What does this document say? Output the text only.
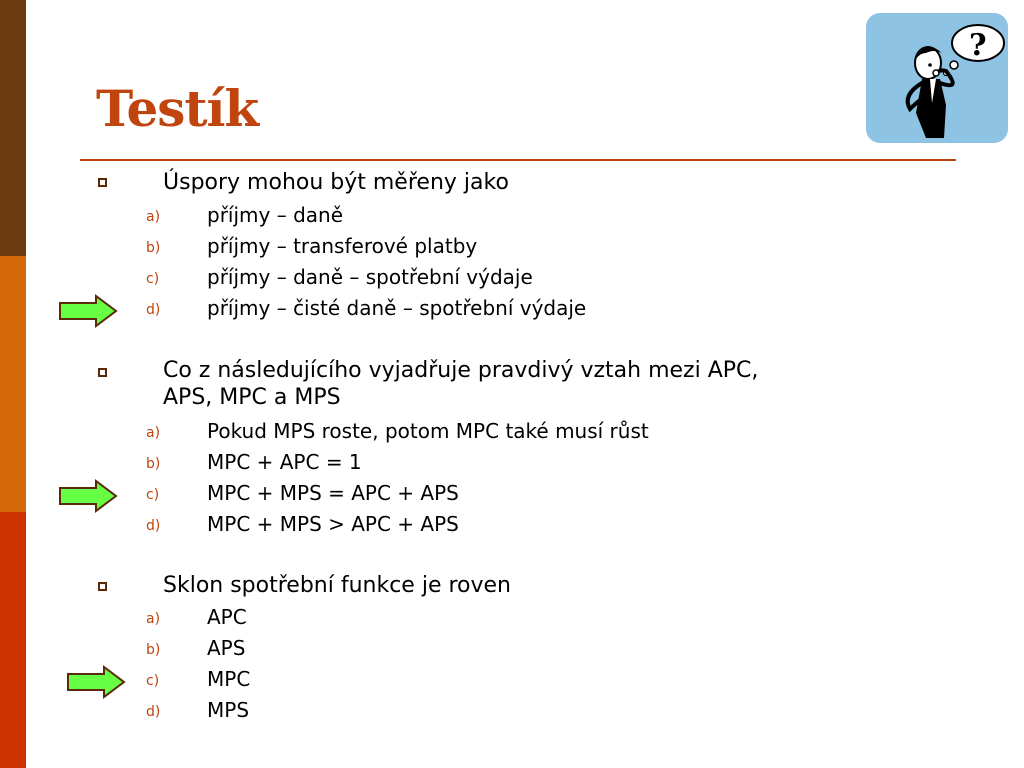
Testík
?
Úspory mohou být měřeny jako
a) příjmy – daně
b) příjmy – transferové platby
c) příjmy – daně – spotřební výdaje
d) příjmy – čisté daně – spotřební výdaje
Co z následujícího vyjadřuje pravdivý vztah mezi APC,
APS, MPC a MPS
a) Pokud MPS roste, potom MPC také musí růst
b) MPC + APC = 1
c) MPC + MPS = APC + APS
d) MPC + MPS > APC + APS
Sklon spotřební funkce je roven
a) APC
b) APS
c) MPC
d) MPS
